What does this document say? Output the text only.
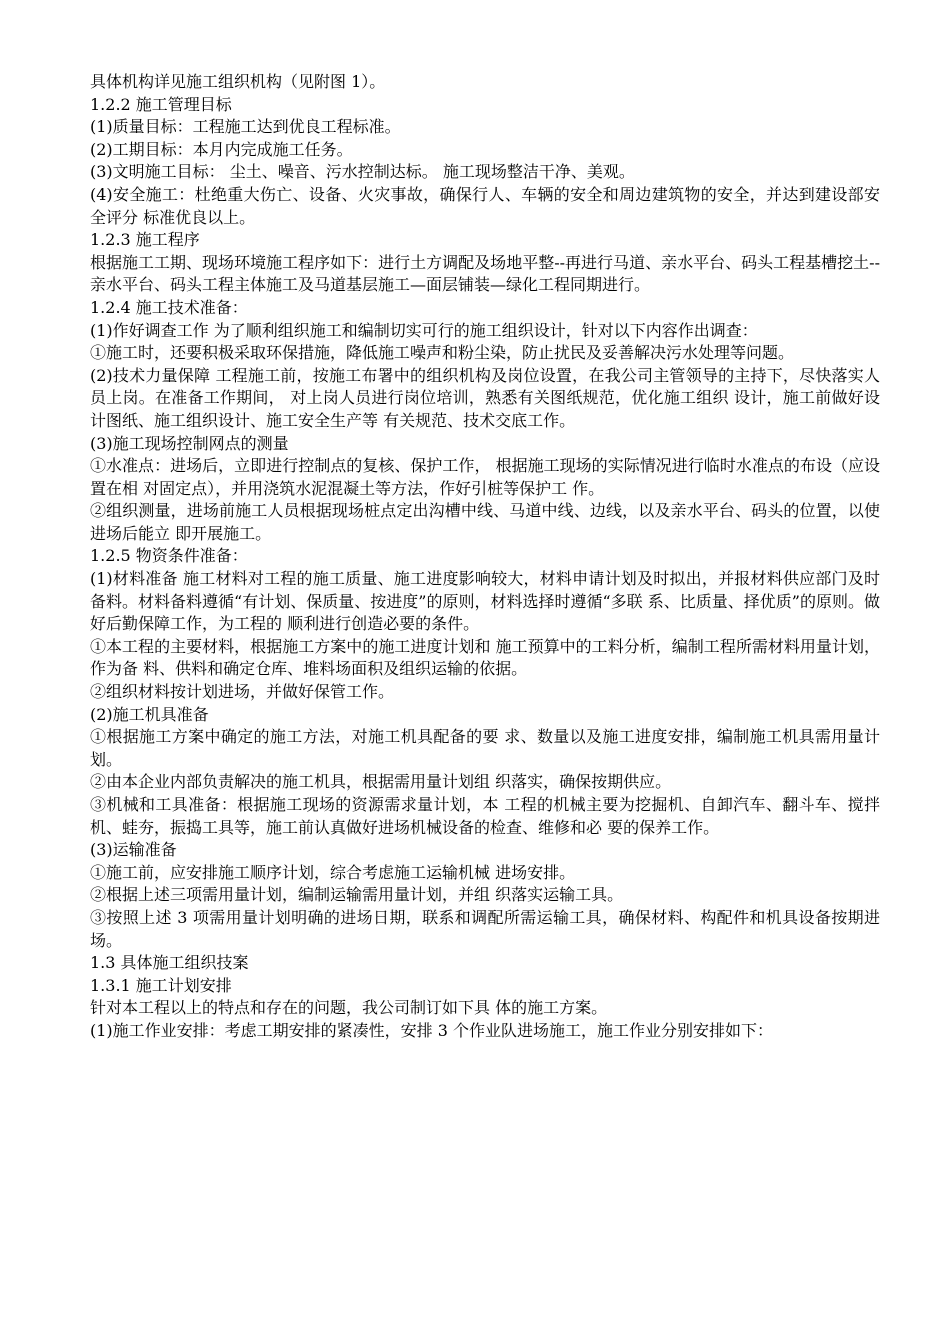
具体机构详见施工组织机构（见附图 1）。

1.2.2 施工管理目标

(1)质量目标：工程施工达到优良工程标准。

(2)工期目标：本月内完成施工任务。

(3)文明施工目标： 尘土、噪音、污水控制达标。 施工现场整洁干净、美观。

(4)安全施工：杜绝重大伤亡、设备、火灾事故，确保行人、车辆的安全和周边建筑物的安全，并达到建设部安全评分 标准优良以上。

1.2.3 施工程序

根据施工工期、现场环境施工程序如下：进行土方调配及场地平整--再进行马道、亲水平台、码头工程基槽挖土--亲水平台、码头工程主体施工及马道基层施工—面层铺装—绿化工程同期进行。

1.2.4 施工技术准备：

(1)作好调查工作 为了顺利组织施工和编制切实可行的施工组织设计，针对以下内容作出调查：

①施工时，还要积极采取环保措施，降低施工噪声和粉尘染，防止扰民及妥善解决污水处理等问题。

(2)技术力量保障 工程施工前，按施工布署中的组织机构及岗位设置，在我公司主管领导的主持下，尽快落实人员上岗。在准备工作期间， 对上岗人员进行岗位培训，熟悉有关图纸规范，优化施工组织 设计，施工前做好设计图纸、施工组织设计、施工安全生产等 有关规范、技术交底工作。

(3)施工现场控制网点的测量

①水准点：进场后，立即进行控制点的复核、保护工作， 根据施工现场的实际情况进行临时水准点的布设（应设置在相 对固定点），并用浇筑水泥混凝土等方法，作好引桩等保护工 作。

②组织测量，进场前施工人员根据现场桩点定出沟槽中线、马道中线、边线，以及亲水平台、码头的位置，以使进场后能立 即开展施工。

1.2.5 物资条件准备：

(1)材料准备 施工材料对工程的施工质量、施工进度影响较大，材料申请计划及时拟出，并报材料供应部门及时备料。材料备料遵循“有计划、保质量、按进度”的原则，材料选择时遵循“多联 系、比质量、择优质”的原则。做好后勤保障工作，为工程的 顺利进行创造必要的条件。

①本工程的主要材料，根据施工方案中的施工进度计划和 施工预算中的工料分析，编制工程所需材料用量计划，作为备 料、供料和确定仓库、堆料场面积及组织运输的依据。

②组织材料按计划进场，并做好保管工作。

(2)施工机具准备

①根据施工方案中确定的施工方法，对施工机具配备的要 求、数量以及施工进度安排，编制施工机具需用量计划。

②由本企业内部负责解决的施工机具，根据需用量计划组 织落实，确保按期供应。

③机械和工具准备：根据施工现场的资源需求量计划，本 工程的机械主要为挖掘机、自卸汽车、翻斗车、搅拌机、蛙夯，振捣工具等，施工前认真做好进场机械设备的检查、维修和必 要的保养工作。

(3)运输准备

①施工前，应安排施工顺序计划，综合考虑施工运输机械 进场安排。

②根据上述三项需用量计划，编制运输需用量计划，并组 织落实运输工具。

③按照上述 3 项需用量计划明确的进场日期，联系和调配所需运输工具，确保材料、构配件和机具设备按期进场。

1.3 具体施工组织技案

1.3.1 施工计划安排

针对本工程以上的特点和存在的问题，我公司制订如下具 体的施工方案。

(1)施工作业安排：考虑工期安排的紧凑性，安排 3 个作业队进场施工，施工作业分别安排如下：
